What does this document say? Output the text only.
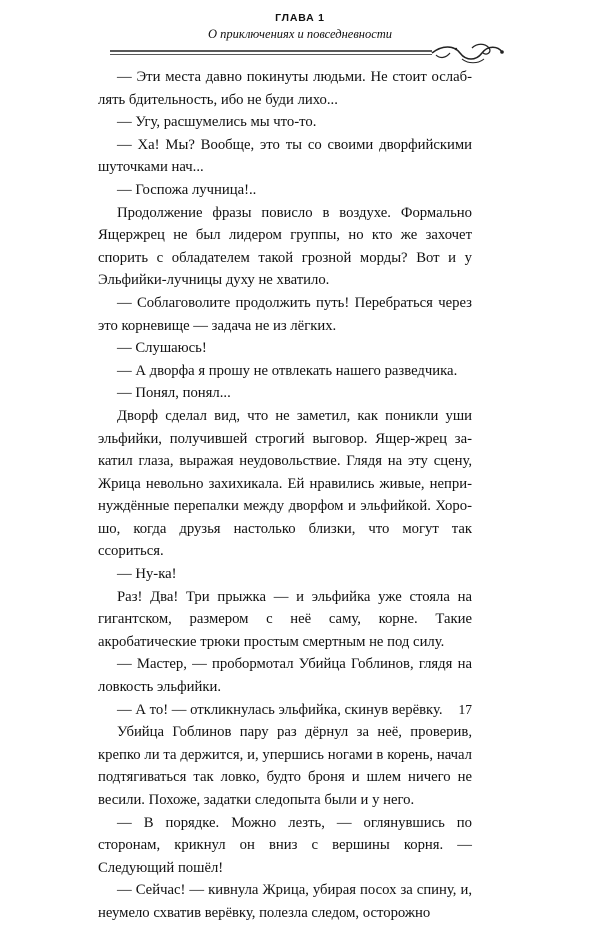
ГЛАВА 1
О приключениях и повседневности

— Эти места давно покинуты людьми. Не стоит ослаблять бдительность, ибо не буди лихо...

— Угу, расшумелись мы что-то.

— Ха! Мы? Вообще, это ты со своими дворфийскими шуточками нач...

— Госпожа лучница!..

Продолжение фразы повисло в воздухе. Формально Ящержрец не был лидером группы, но кто же захочет спорить с обладателем такой грозной морды? Вот и у Эльфийки-лучницы духу не хватило.

— Соблаговолите продолжить путь! Перебраться через это корневище — задача не из лёгких.

— Слушаюсь!

— А дворфа я прошу не отвлекать нашего разведчика.

— Понял, понял...

Дворф сделал вид, что не заметил, как поникли уши эльфийки, получившей строгий выговор. Ящер-жрец закатил глаза, выражая неудовольствие. Глядя на эту сцену, Жрица невольно захихикала. Ей нравились живые, непринуждённые перепалки между дворфом и эльфийкой. Хорошо, когда друзья настолько близки, что могут так ссориться.

— Ну-ка!

Раз! Два! Три прыжка — и эльфийка уже стояла на гигантском, размером с неё саму, корне. Такие акробатические трюки простым смертным не под силу.

— Мастер, — пробормотал Убийца Гоблинов, глядя на ловкость эльфийки.

— А то! — откликнулась эльфийка, скинув верёвку.

Убийца Гоблинов пару раз дёрнул за неё, проверив, крепко ли та держится, и, упершись ногами в корень, начал подтягиваться так ловко, будто броня и шлем ничего не весили. Похоже, задатки следопыта были и у него.

— В порядке. Можно лезть, — оглянувшись по сторонам, крикнул он вниз с вершины корня. — Следующий пошёл!

— Сейчас! — кивнула Жрица, убирая посох за спину, и, неумело схватив верёвку, полезла следом, осторожно

17
